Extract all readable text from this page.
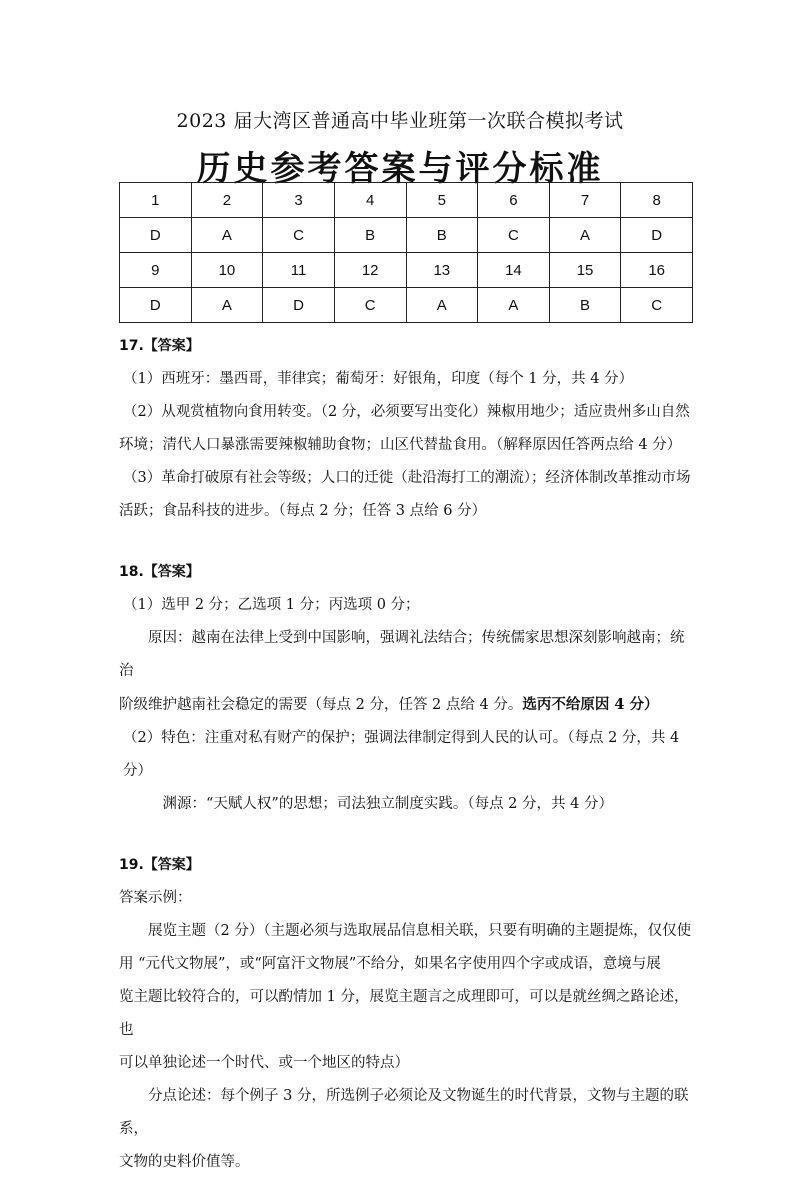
2023 届大湾区普通高中毕业班第一次联合模拟考试
历史参考答案与评分标准
1	2	3	4	5	6	7	8
D	A	C	B	B	C	A	D
9	10	11	12	13	14	15	16
D	A	D	C	A	A	B	C
17.【答案】

（1）西班牙：墨西哥，菲律宾；葡萄牙：好银角，印度（每个 1 分，共 4 分）

（2）从观赏植物向食用转变。（2 分，必须要写出变化）辣椒用地少；适应贵州多山自然

环境；清代人口暴涨需要辣椒辅助食物；山区代替盐食用。（解释原因任答两点给 4 分）

（3）革命打破原有社会等级；人口的迁徙（赴沿海打工的潮流）；经济体制改革推动市场

活跃；食品科技的进步。（每点 2 分；任答 3 点给 6 分）

18.【答案】

（1）选甲 2 分；乙选项 1 分；丙选项 0 分；

原因：越南在法律上受到中国影响，强调礼法结合；传统儒家思想深刻影响越南；统治

阶级维护越南社会稳定的需要（每点 2 分，任答 2 点给 4 分。选丙不给原因 4 分）

（2）特色：注重对私有财产的保护；强调法律制定得到人民的认可。（每点 2 分，共 4 分）

渊源：“天赋人权”的思想；司法独立制度实践。（每点 2 分，共 4 分）

19.【答案】

答案示例：

展览主题（2 分）（主题必须与选取展品信息相关联，只要有明确的主题提炼，仅仅使

用 “元代文物展”，或“阿富汗文物展”不给分，如果名字使用四个字或成语，意境与展

览主题比较符合的，可以酌情加 1 分，展览主题言之成理即可，可以是就丝绸之路论述，也

可以单独论述一个时代、或一个地区的特点）

分点论述：每个例子 3 分，所选例子必须论及文物诞生的时代背景，文物与主题的联系，

文物的史料价值等。
